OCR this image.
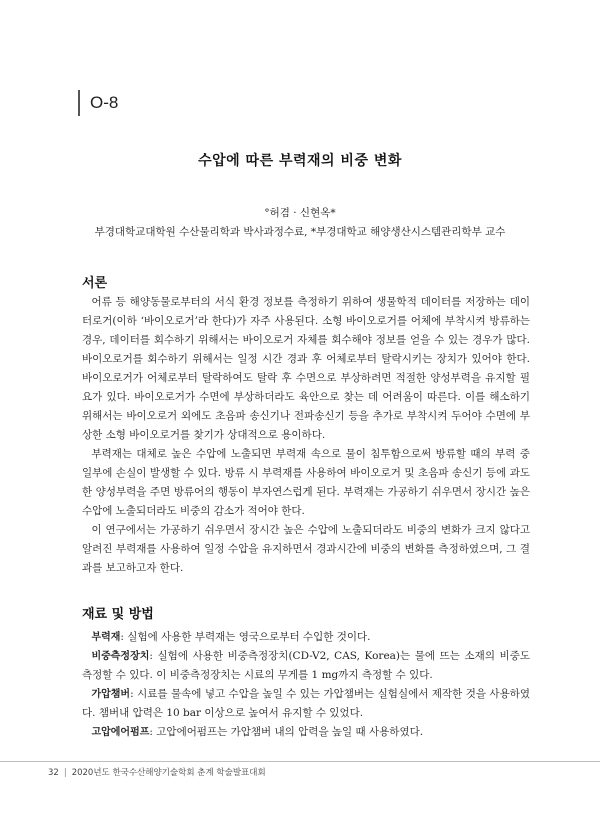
O-8
수압에 따른 부력재의 비중 변화
°허겸 · 신현옥*
부경대학교대학원 수산물리학과 박사과정수료, *부경대학교 해양생산시스템관리학부 교수
서론

어류 등 해양동물로부터의 서식 환경 정보를 측정하기 위하여 생물학적 데이터를 저장하는 데이터로거(이하 ‘바이오로거’라 한다)가 자주 사용된다. 소형 바이오로거를 어체에 부착시켜 방류하는 경우, 데이터를 회수하기 위해서는 바이오로거 자체를 회수해야 정보를 얻을 수 있는 경우가 많다. 바이오로거를 회수하기 위해서는 일정 시간 경과 후 어체로부터 탈락시키는 장치가 있어야 한다. 바이오로거가 어체로부터 탈락하여도 탈락 후 수면으로 부상하려면 적절한 양성부력을 유지할 필요가 있다. 바이오로거가 수면에 부상하더라도 육안으로 찾는 데 어려움이 따른다. 이를 해소하기 위해서는 바이오로거 외에도 초음파 송신기나 전파송신기 등을 추가로 부착시켜 두어야 수면에 부상한 소형 바이오로거를 찾기가 상대적으로 용이하다.

부력재는 대체로 높은 수압에 노출되면 부력재 속으로 물이 침투함으로써 방류할 때의 부력 중 일부에 손실이 발생할 수 있다. 방류 시 부력재를 사용하여 바이오로거 및 초음파 송신기 등에 과도한 양성부력을 주면 방류어의 행동이 부자연스럽게 된다. 부력재는 가공하기 쉬우면서 장시간 높은 수압에 노출되더라도 비중의 감소가 적어야 한다.

이 연구에서는 가공하기 쉬우면서 장시간 높은 수압에 노출되더라도 비중의 변화가 크지 않다고 알려진 부력재를 사용하여 일정 수압을 유지하면서 경과시간에 비중의 변화를 측정하였으며, 그 결과를 보고하고자 한다.

재료 및 방법

부력재: 실험에 사용한 부력재는 영국으로부터 수입한 것이다.

비중측정장치: 실험에 사용한 비중측정장치(CD-V2, CAS, Korea)는 물에 뜨는 소재의 비중도 측정할 수 있다. 이 비중측정장치는 시료의 무게를 1 mg까지 측정할 수 있다.

가압챔버: 시료를 물속에 넣고 수압을 높일 수 있는 가압챔버는 실험실에서 제작한 것을 사용하였다. 챔버내 압력은 10 bar 이상으로 높여서 유지할 수 있었다.

고압에어펌프: 고압에어펌프는 가압챔버 내의 압력을 높일 때 사용하였다.

32 | 2020년도 한국수산해양기술학회 춘계 학술발표대회
